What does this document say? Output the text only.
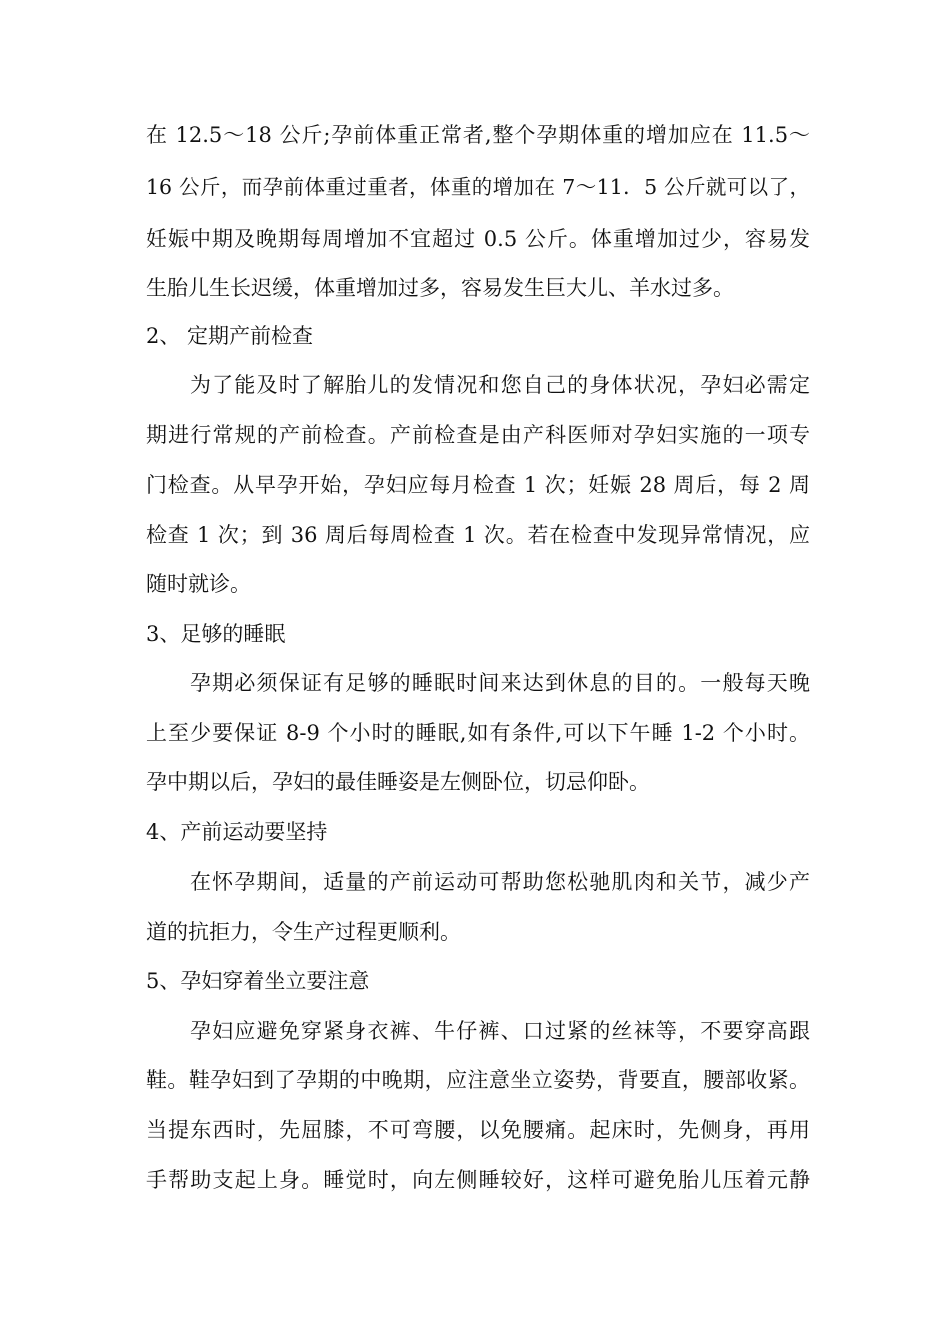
在 12.5～18 公斤;孕前体重正常者,整个孕期体重的增加应在 11.5～
16 公斤，而孕前体重过重者，体重的增加在 7～11．5 公斤就可以了，
妊娠中期及晚期每周增加不宜超过 0.5 公斤。体重增加过少，容易发
生胎儿生长迟缓，体重增加过多，容易发生巨大儿、羊水过多。
2、 定期产前检查
为了能及时了解胎儿的发情况和您自己的身体状况，孕妇必需定
期进行常规的产前检查。产前检查是由产科医师对孕妇实施的一项专
门检查。从早孕开始，孕妇应每月检查 1 次；妊娠 28 周后，每 2 周
检查 1 次；到 36 周后每周检查 1 次。若在检查中发现异常情况，应
随时就诊。
3、足够的睡眠
孕期必须保证有足够的睡眠时间来达到休息的目的。一般每天晚
上至少要保证 8-9 个小时的睡眠,如有条件,可以下午睡 1-2 个小时。
孕中期以后，孕妇的最佳睡姿是左侧卧位，切忌仰卧。
4、产前运动要坚持
在怀孕期间，适量的产前运动可帮助您松驰肌肉和关节，减少产
道的抗拒力，令生产过程更顺利。
5、孕妇穿着坐立要注意
孕妇应避免穿紧身衣裤、牛仔裤、口过紧的丝袜等，不要穿高跟
鞋。鞋孕妇到了孕期的中晚期，应注意坐立姿势，背要直，腰部收紧。
当提东西时，先屈膝，不可弯腰，以免腰痛。起床时，先侧身，再用
手帮助支起上身。睡觉时，向左侧睡较好，这样可避免胎儿压着元静
